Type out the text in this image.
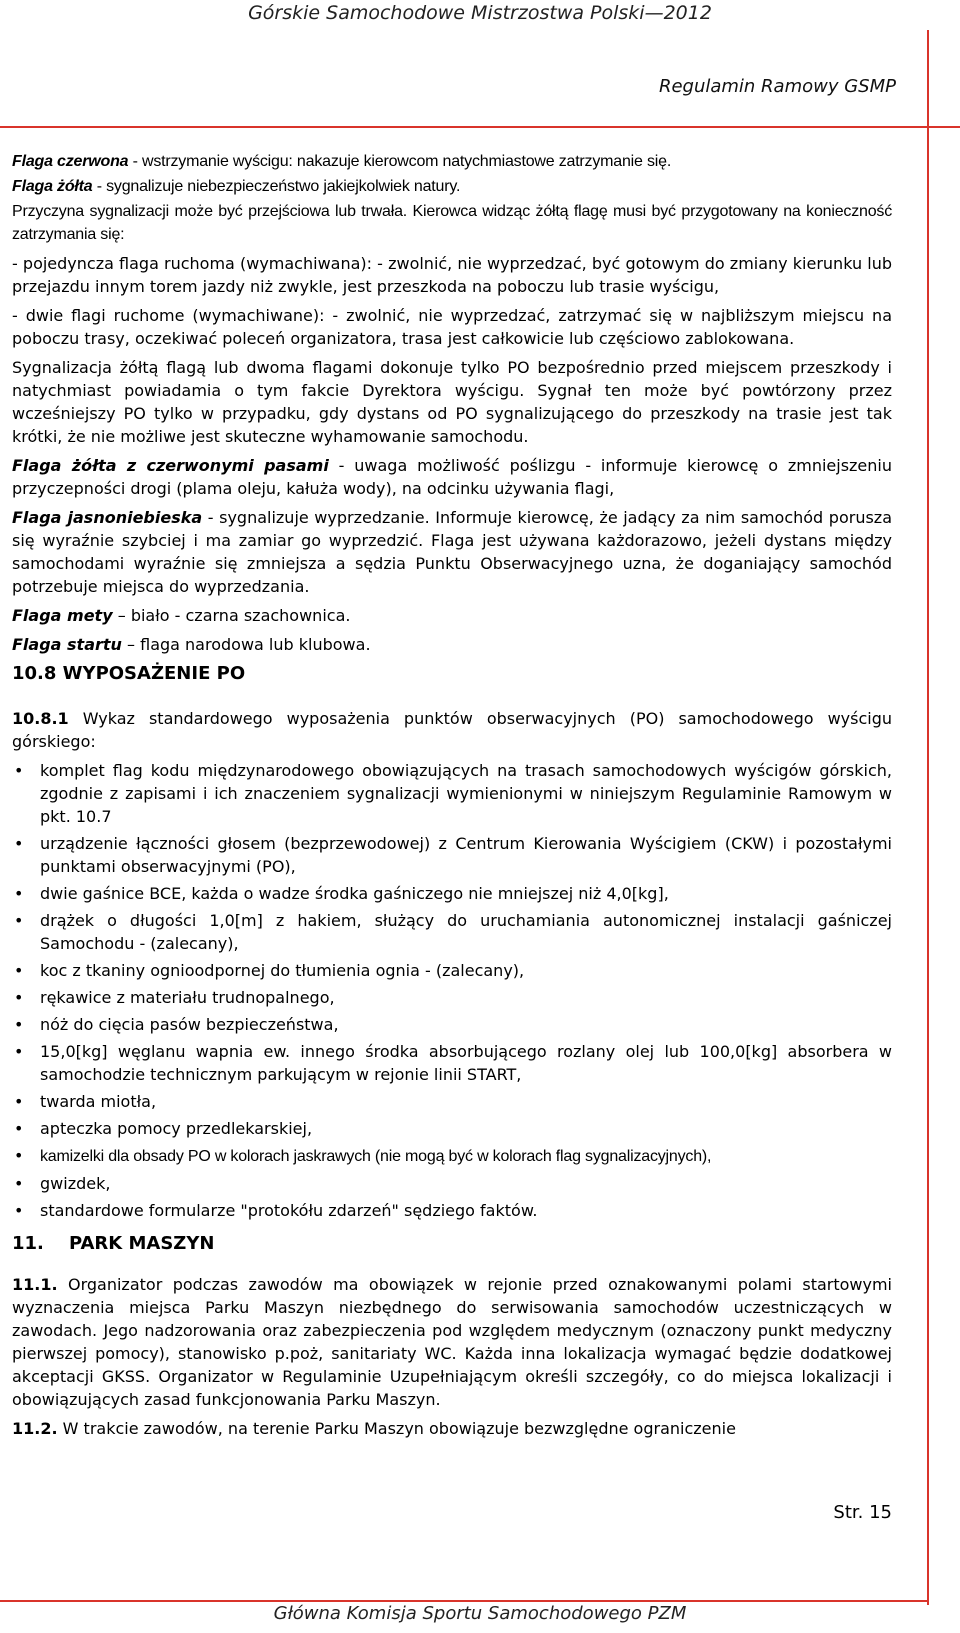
Górskie Samochodowe Mistrzostwa Polski—2012
Regulamin Ramowy GSMP

Flaga czerwona - wstrzymanie wyścigu: nakazuje kierowcom natychmiastowe zatrzymanie się.

Flaga żółta - sygnalizuje niebezpieczeństwo jakiejkolwiek natury.

Przyczyna sygnalizacji może być przejściowa lub trwała. Kierowca widząc żółtą flagę musi być przygotowany na konieczność zatrzymania się:

- pojedyncza flaga ruchoma (wymachiwana): - zwolnić, nie wyprzedzać, być gotowym do zmiany kierunku lub przejazdu innym torem jazdy niż zwykle, jest przeszkoda na poboczu lub trasie wyścigu,

- dwie flagi ruchome (wymachiwane): - zwolnić, nie wyprzedzać, zatrzymać się w najbliższym miejscu na poboczu trasy, oczekiwać poleceń organizatora, trasa jest całkowicie lub częściowo zablokowana.

Sygnalizacja żółtą flagą lub dwoma flagami dokonuje tylko PO bezpośrednio przed miejscem przeszkody i natychmiast powiadamia o tym fakcie Dyrektora wyścigu. Sygnał ten może być powtórzony przez wcześniejszy PO tylko w przypadku, gdy dystans od PO sygnalizującego do przeszkody na trasie jest tak krótki, że nie możliwe jest skuteczne wyhamowanie samochodu.

Flaga żółta z czerwonymi pasami - uwaga możliwość poślizgu - informuje kierowcę o zmniejszeniu przyczepności drogi (plama oleju, kałuża wody), na odcinku używania flagi,

Flaga jasnoniebieska - sygnalizuje wyprzedzanie. Informuje kierowcę, że jadący za nim samochód porusza się wyraźnie szybciej i ma zamiar go wyprzedzić. Flaga jest używana każdorazowo, jeżeli dystans między samochodami wyraźnie się zmniejsza a sędzia Punktu Obserwacyjnego uzna, że doganiający samochód potrzebuje miejsca do wyprzedzania.

Flaga mety – biało - czarna szachownica.

Flaga startu – flaga narodowa lub klubowa.

10.8 WYPOSAŻENIE PO

10.8.1 Wykaz standardowego wyposażenia punktów obserwacyjnych (PO) samochodowego wyścigu górskiego:

• komplet flag kodu międzynarodowego obowiązujących na trasach samochodowych wyścigów górskich, zgodnie z zapisami i ich znaczeniem sygnalizacji wymienionymi w niniejszym Regulaminie Ramowym w pkt. 10.7
• urządzenie łączności głosem (bezprzewodowej) z Centrum Kierowania Wyścigiem (CKW) i pozostałymi punktami obserwacyjnymi (PO),
• dwie gaśnice BCE, każda o wadze środka gaśniczego nie mniejszej niż 4,0[kg],
• drążek o długości 1,0[m] z hakiem, służący do uruchamiania autonomicznej instalacji gaśniczej Samochodu - (zalecany),
• koc z tkaniny ogniοodpornej do tłumienia ognia - (zalecany),
• rękawice z materiału trudnopalnego,
• nóż do cięcia pasów bezpieczeństwa,
• 15,0[kg] węglanu wapnia ew. innego środka absorbującego rozlany olej lub 100,0[kg] absorbera w samochodzie technicznym parkującym w rejonie linii START,
• twarda miotła,
• apteczka pomocy przedlekarskiej,
• kamizelki dla obsady PO w kolorach jaskrawych (nie mogą być w kolorach flag sygnalizacyjnych),
• gwizdek,
• standardowe formularze "protokółu zdarzeń" sędziego faktów.
11.    PARK MASZYN

11.1. Organizator podczas zawodów ma obowiązek w rejonie przed oznakowanymi polami startowymi wyznaczenia miejsca Parku Maszyn niezbędnego do serwisowania samochodów uczestniczących w zawodach. Jego nadzorowania oraz zabezpieczenia pod względem medycznym (oznaczony punkt medyczny pierwszej pomocy), stanowisko p.poż, sanitariaty WC. Każda inna lokalizacja wymagać będzie dodatkowej akceptacji GKSS. Organizator w Regulaminie Uzupełniającym określi szczegóły, co do miejsca lokalizacji i obowiązujących zasad funkcjonowania Parku Maszyn.

11.2. W trakcie zawodów, na terenie Parku Maszyn obowiązuje bezwzględne ograniczenie

Str. 15
Główna Komisja Sportu Samochodowego PZM
